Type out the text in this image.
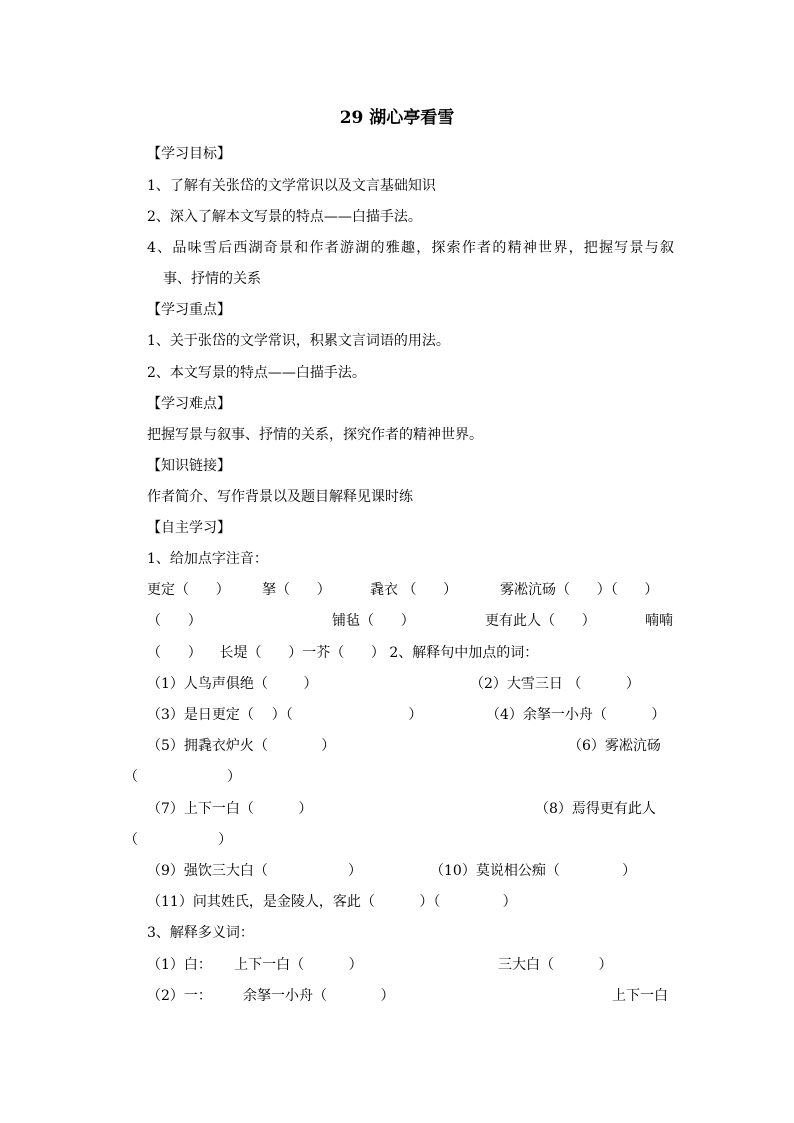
29 湖心亭看雪

【学习目标】

1、了解有关张岱的文学常识以及文言基础知识

2、深入了解本文写景的特点——白描手法。

4、品味雪后西湖奇景和作者游湖的雅趣，探索作者的精神世界，把握写景与叙

事、抒情的关系

【学习重点】

1、关于张岱的文学常识，积累文言词语的用法。

2、本文写景的特点——白描手法。

【学习难点】

把握写景与叙事、抒情的关系，探究作者的精神世界。

【知识链接】

作者简介、写作背景以及题目解释见课时练

【自主学习】

1、给加点字注音：

更定（      ） 拏（      ）	毳衣 （      ）	雾凇沆砀（      ）（      ）

（      ）	铺毡（      ）	更有此人（      ）	喃喃

（      ）    长堤（      ）一芥（      ） 2、解释句中加点的词：

（1）人鸟声俱绝（        ）	（2）大雪三日 （          ）

（3）是日更定（    ）（                          ）	（4）余拏一小舟（          ）

（5）拥毳衣炉火（            ）	（6）雾凇沆砀

（                    ）

（7）上下一白（          ）	（8）焉得更有此人

（                  ）

（9）强饮三大白（                  ）	（10）莫说相公痴（              ）

（11）问其姓氏，是金陵人，客此（          ）（              ）

3、解释多义词：

（1）白：     上下一白（          ）	三大白（          ）

（2）一：       余拏一小舟（            ）	上下一白
